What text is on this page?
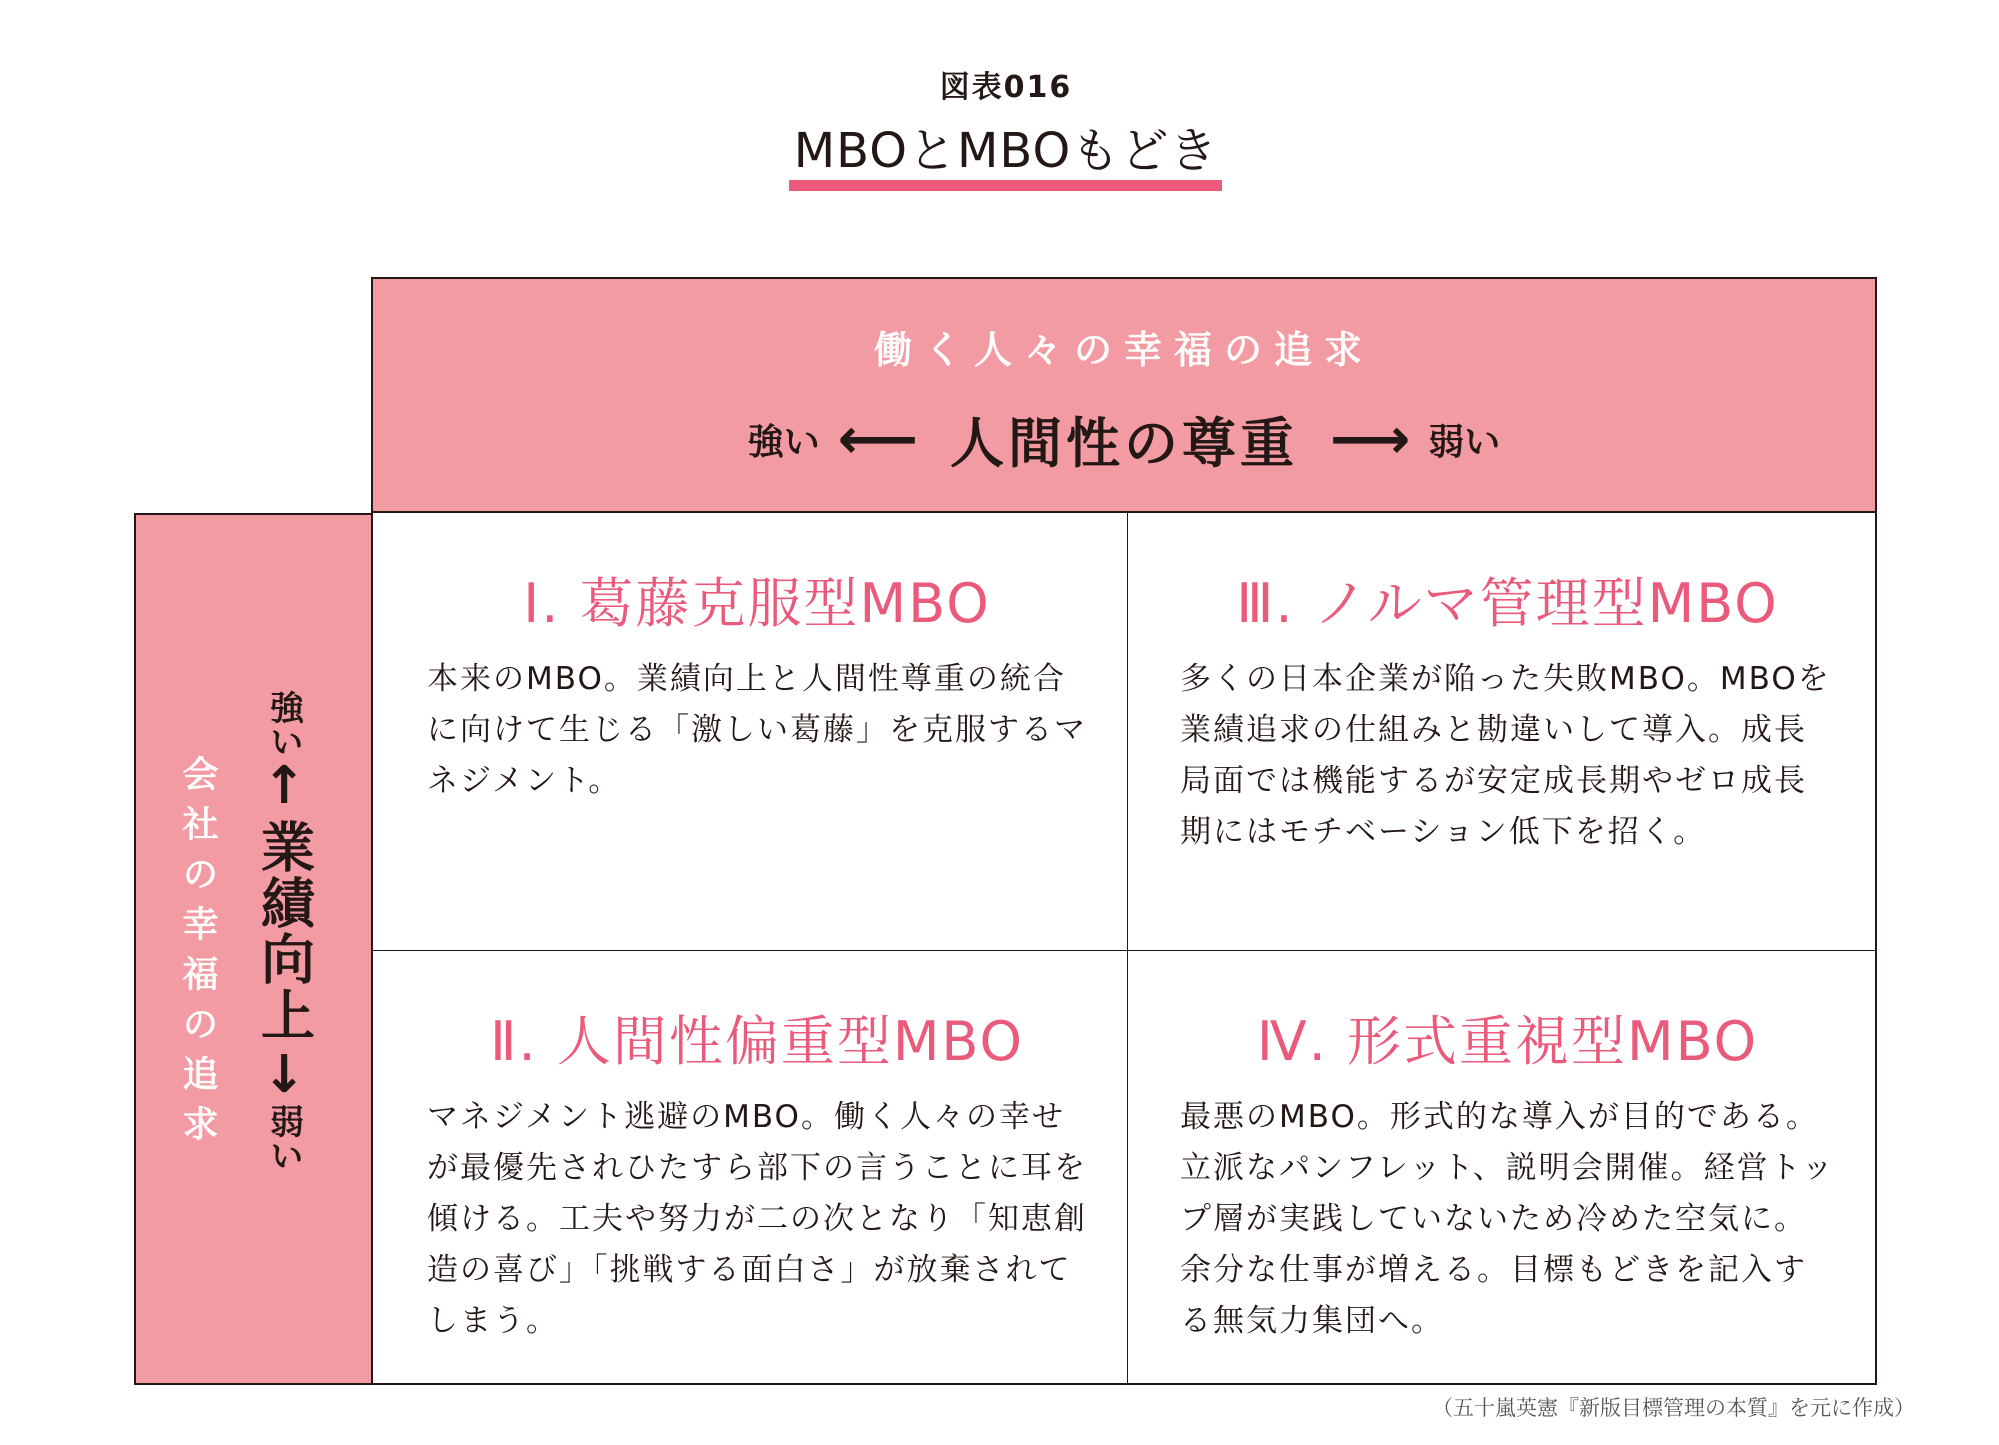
図表016
MBOとMBOもどき
働く人々の幸福の追求
強い ⟵ 人間性の尊重 ⟶ 弱い
会社の幸福の追求
強い
↑
業績向上
↓
弱い
Ⅰ. 葛藤克服型MBO

本来のMBO。業績向上と人間性尊重の統合に向けて生じる「激しい葛藤」を克服するマネジメント。

Ⅲ. ノルマ管理型MBO

多くの日本企業が陥った失敗MBO。MBOを業績追求の仕組みと勘違いして導入。成長局面では機能するが安定成長期やゼロ成長期にはモチベーション低下を招く。

Ⅱ. 人間性偏重型MBO

マネジメント逃避のMBO。働く人々の幸せが最優先されひたすら部下の言うことに耳を傾ける。工夫や努力が二の次となり「知恵創造の喜び」「挑戦する面白さ」が放棄されてしまう。

Ⅳ. 形式重視型MBO

最悪のMBO。形式的な導入が目的である。立派なパンフレット、説明会開催。経営トップ層が実践していないため冷めた空気に。余分な仕事が増える。目標もどきを記入する無気力集団へ。

（五十嵐英憲『新版目標管理の本質』を元に作成）
